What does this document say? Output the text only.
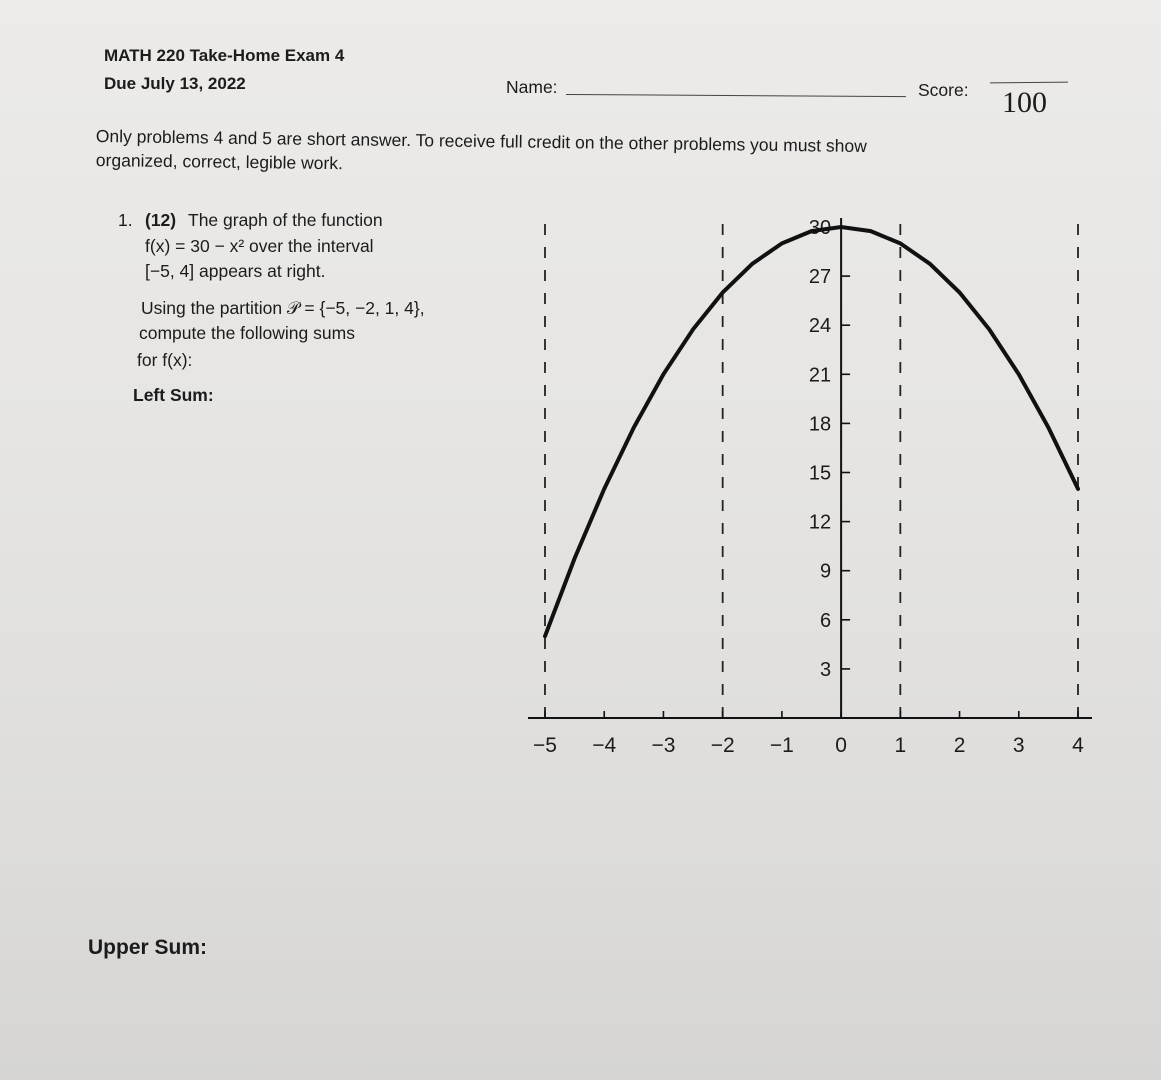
MATH 220 Take-Home Exam 4
Due July 13, 2022	Name:	Score: 100
Only problems 4 and 5 are short answer. To receive full credit on the other problems you must show
organized, correct, legible work.
1. (12) The graph of the function
f(x) = 30 − x² over the interval
[−5, 4] appears at right.
Using the partition 𝒫 = {−5, −2, 1, 4},
compute the following sums
for f(x):
Left Sum:
Upper Sum:
3
6
9
12
15
18
21
24
27
30
−5 −4 −3 −2 −1 0 1 2 3 4
